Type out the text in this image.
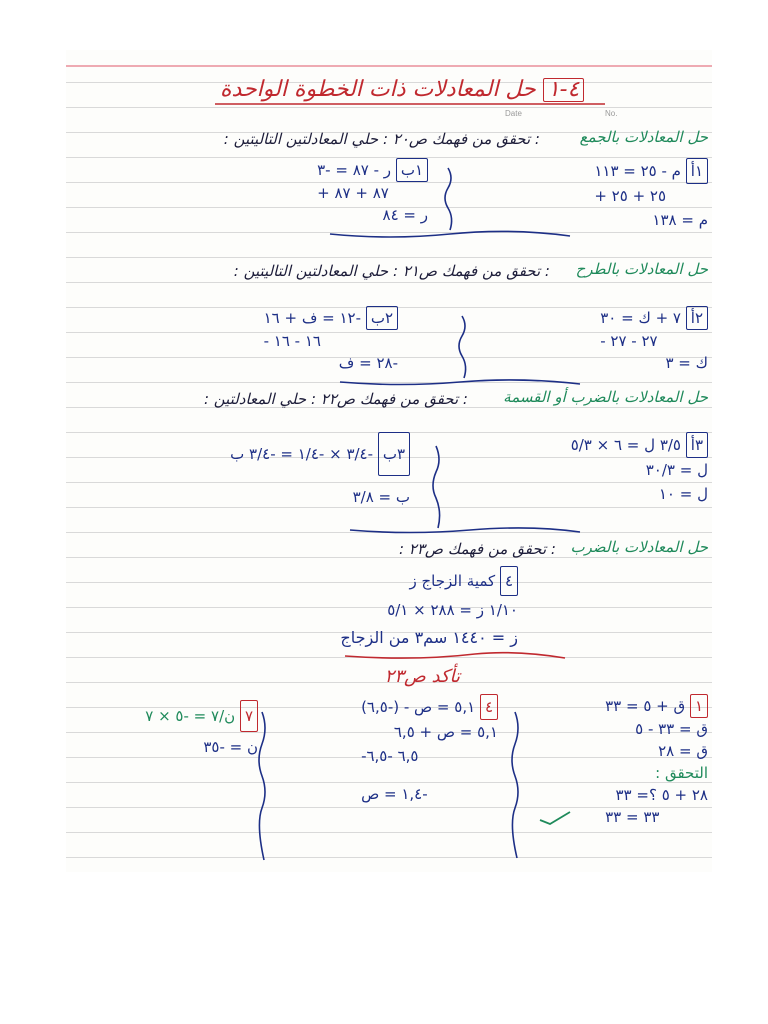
٤-١ حل المعادلات ذات الخطوة الواحدة
Date	No.
حل المعادلات بالجمع
: تحقق من فهمك ص٢٠ : حلي المعادلتين التاليتين :
١أ م - ٢٥ = ١١٣
+ ٢٥ + ٢٥
م = ١٣٨
١ب ر - ٨٧ = -٣
+ ٨٧ + ٨٧
ر = ٨٤
حل المعادلات بالطرح
: تحقق من فهمك ص٢١ : حلي المعادلتين التاليتين :
٢أ ٧ + ك = ٣٠
- ٢٧ - ٢٧
ك = ٣
٢ب -١٢ = ف + ١٦
- ١٦ - ١٦
-٢٨ = ف
حل المعادلات بالضرب أو القسمة
: تحقق من فهمك ص٢٢ : حلي المعادلتين :
٣أ ٣/٥ ل = ٦ × ٥/٣
ل = ٣٠/٣
ل = ١٠
٣ب -٣/٤ × -١/٤ = -٣/٤ ب
ب = ٣/٨
حل المعادلات بالضرب
: تحقق من فهمك ص٢٣ :
٤ كمية الزجاج ز
١/١٠ ز = ٢٨٨ × ٥/١
ز = ١٤٤٠ سم٣ من الزجاج
تأكد ص٢٣
١ ق + ٥ = ٣٣
ق = ٣٣ - ٥
ق = ٢٨
التحقق :
٢٨ + ٥ ؟= ٣٣
٣٣ = ٣٣
٤ ٥,١ = ص - (-٦,٥)
٥,١ = ص + ٦,٥
-٦,٥ -٦,٥
-١,٤ = ص
٧ ن/٧ = -٥ × ٧
ن = -٣٥
